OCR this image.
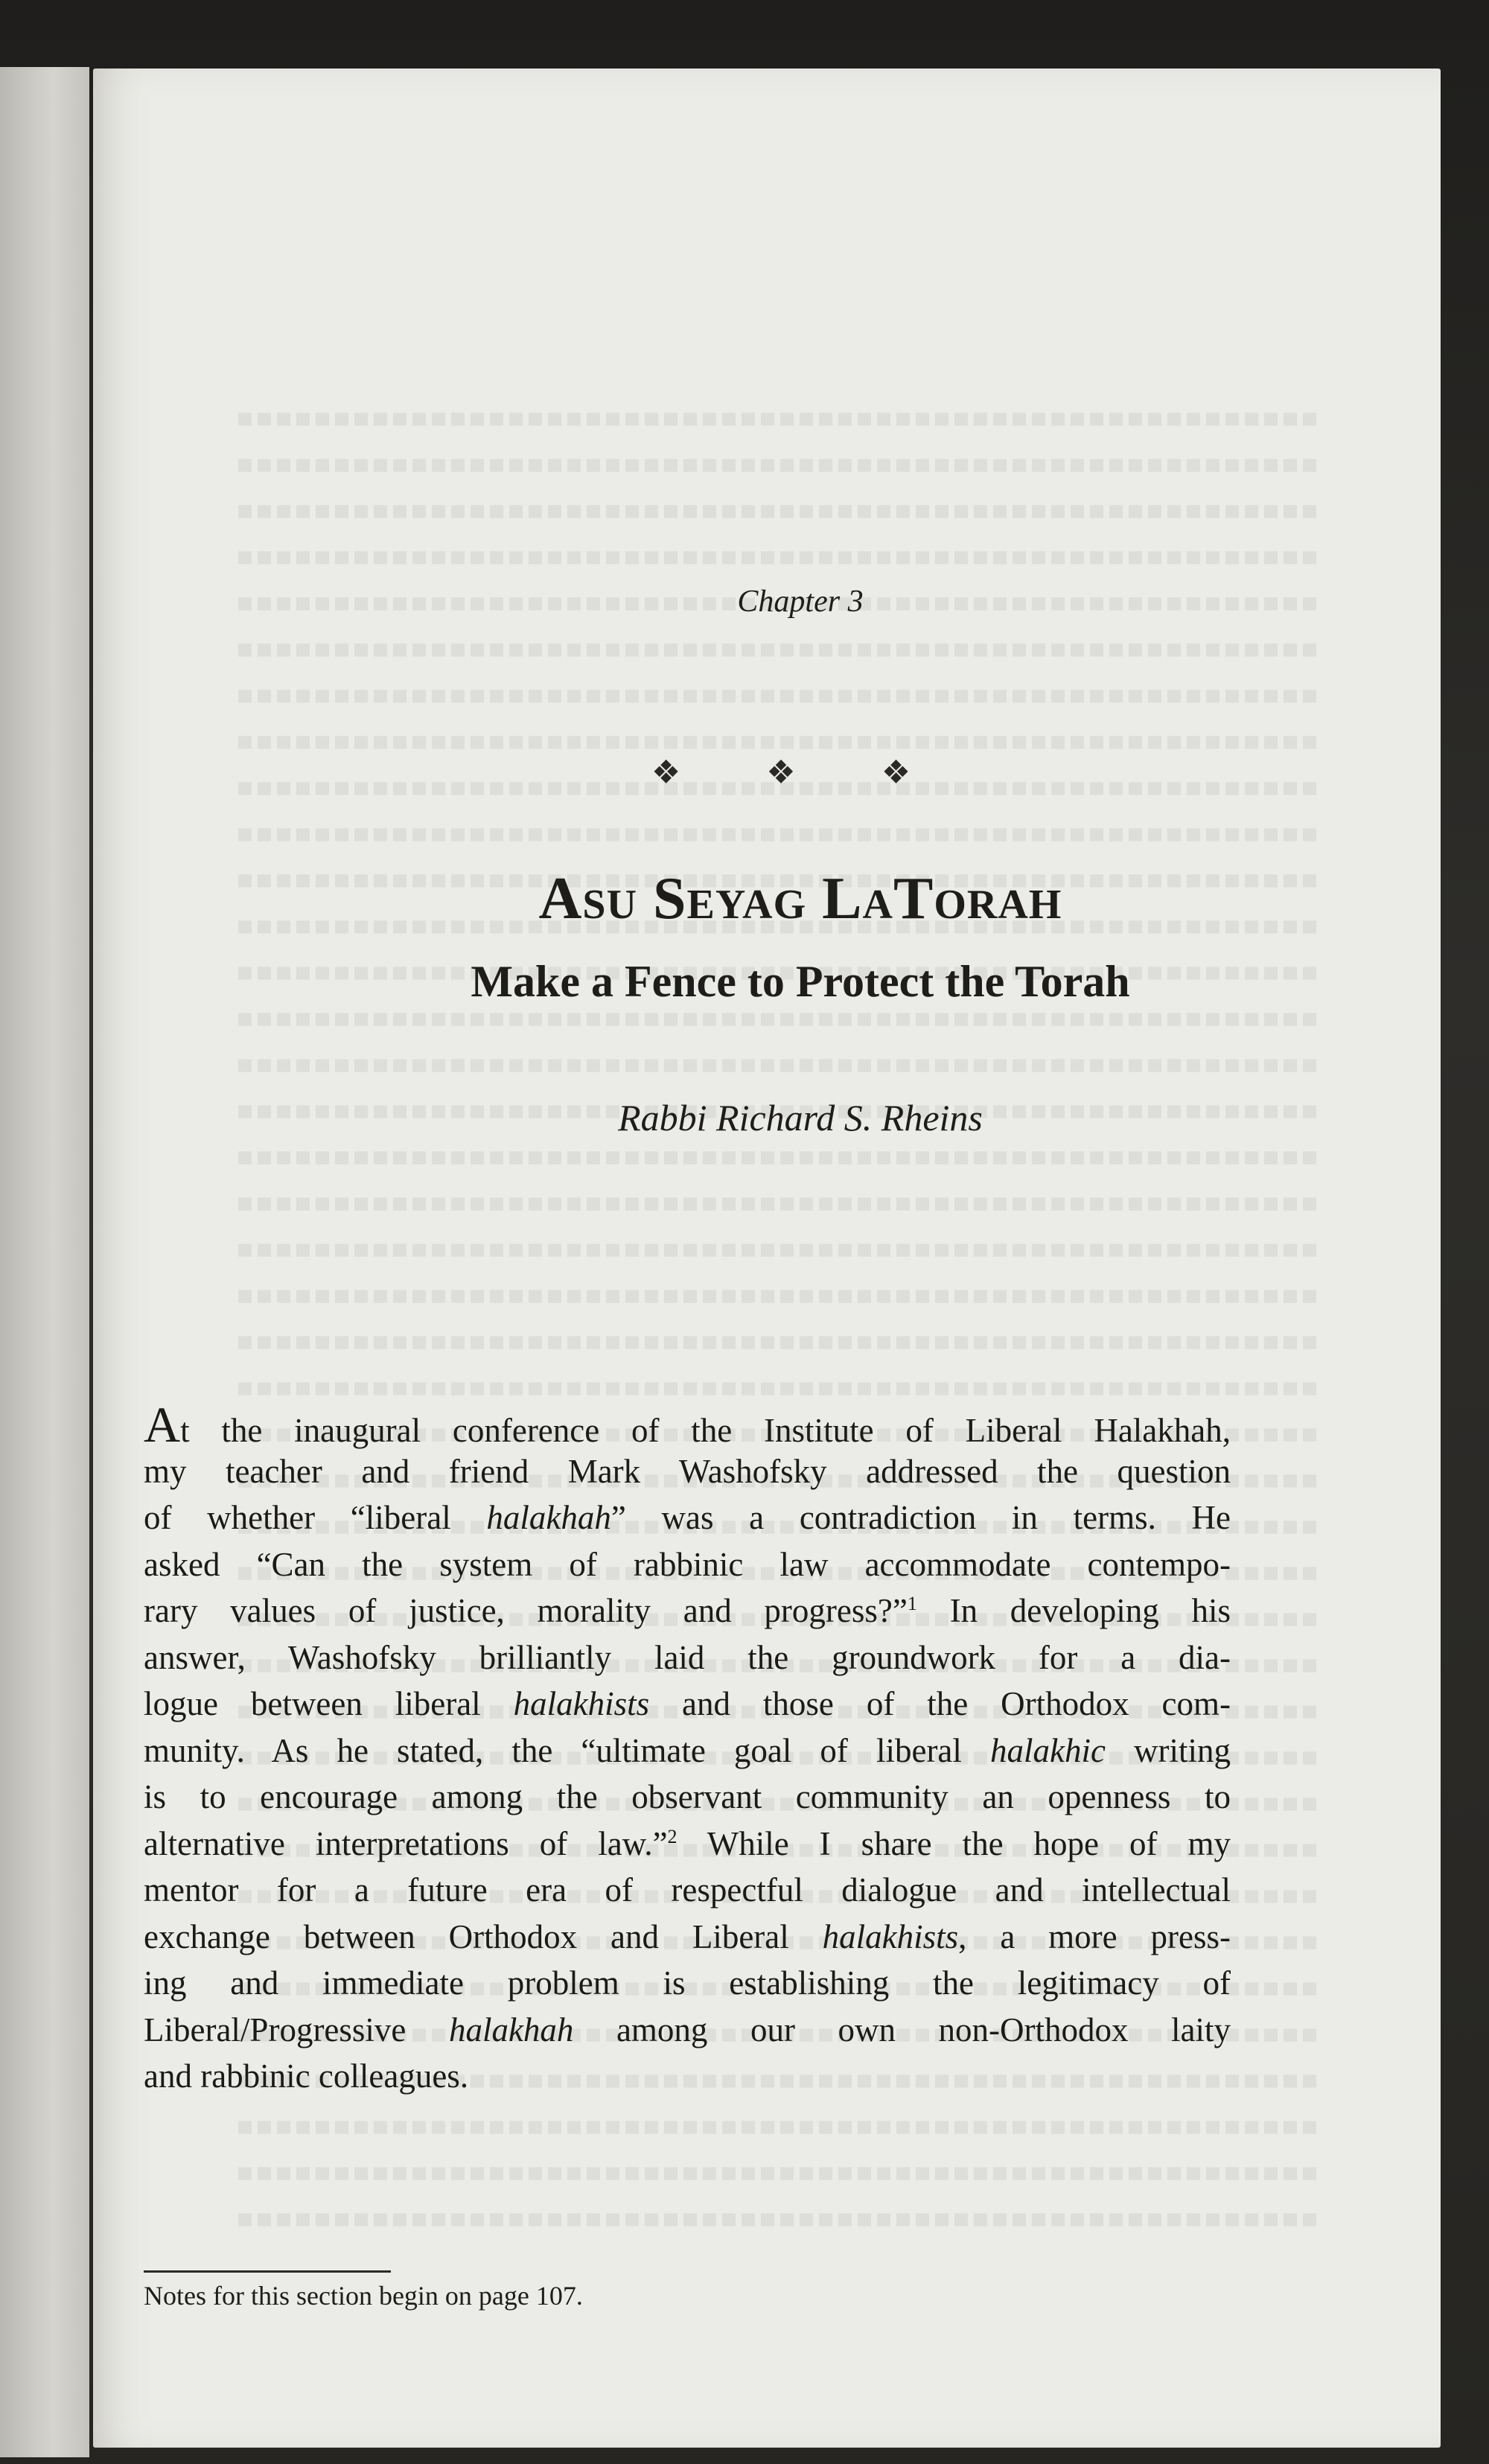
Chapter 3

❖ ❖ ❖
Asu Seyag LaTorah
Make a Fence to Protect the Torah

Rabbi Richard S. Rheins

At the inaugural conference of the Institute of Liberal Halakhah,
my teacher and friend Mark Washofsky addressed the question
of whether “liberal halakhah” was a contradiction in terms. He
asked “Can the system of rabbinic law accommodate contempo-
rary values of justice, morality and progress?”$^1$ In developing his
answer, Washofsky brilliantly laid the groundwork for a dia-
logue between liberal halakhists and those of the Orthodox com-
munity. As he stated, the “ultimate goal of liberal halakhic writing
is to encourage among the observant community an openness to
alternative interpretations of law.”$^2$ While I share the hope of my
mentor for a future era of respectful dialogue and intellectual
exchange between Orthodox and Liberal halakhists, a more press-
ing and immediate problem is establishing the legitimacy of
Liberal/Progressive halakhah among our own non-Orthodox laity
and rabbinic colleagues.

Notes for this section begin on page 107.
